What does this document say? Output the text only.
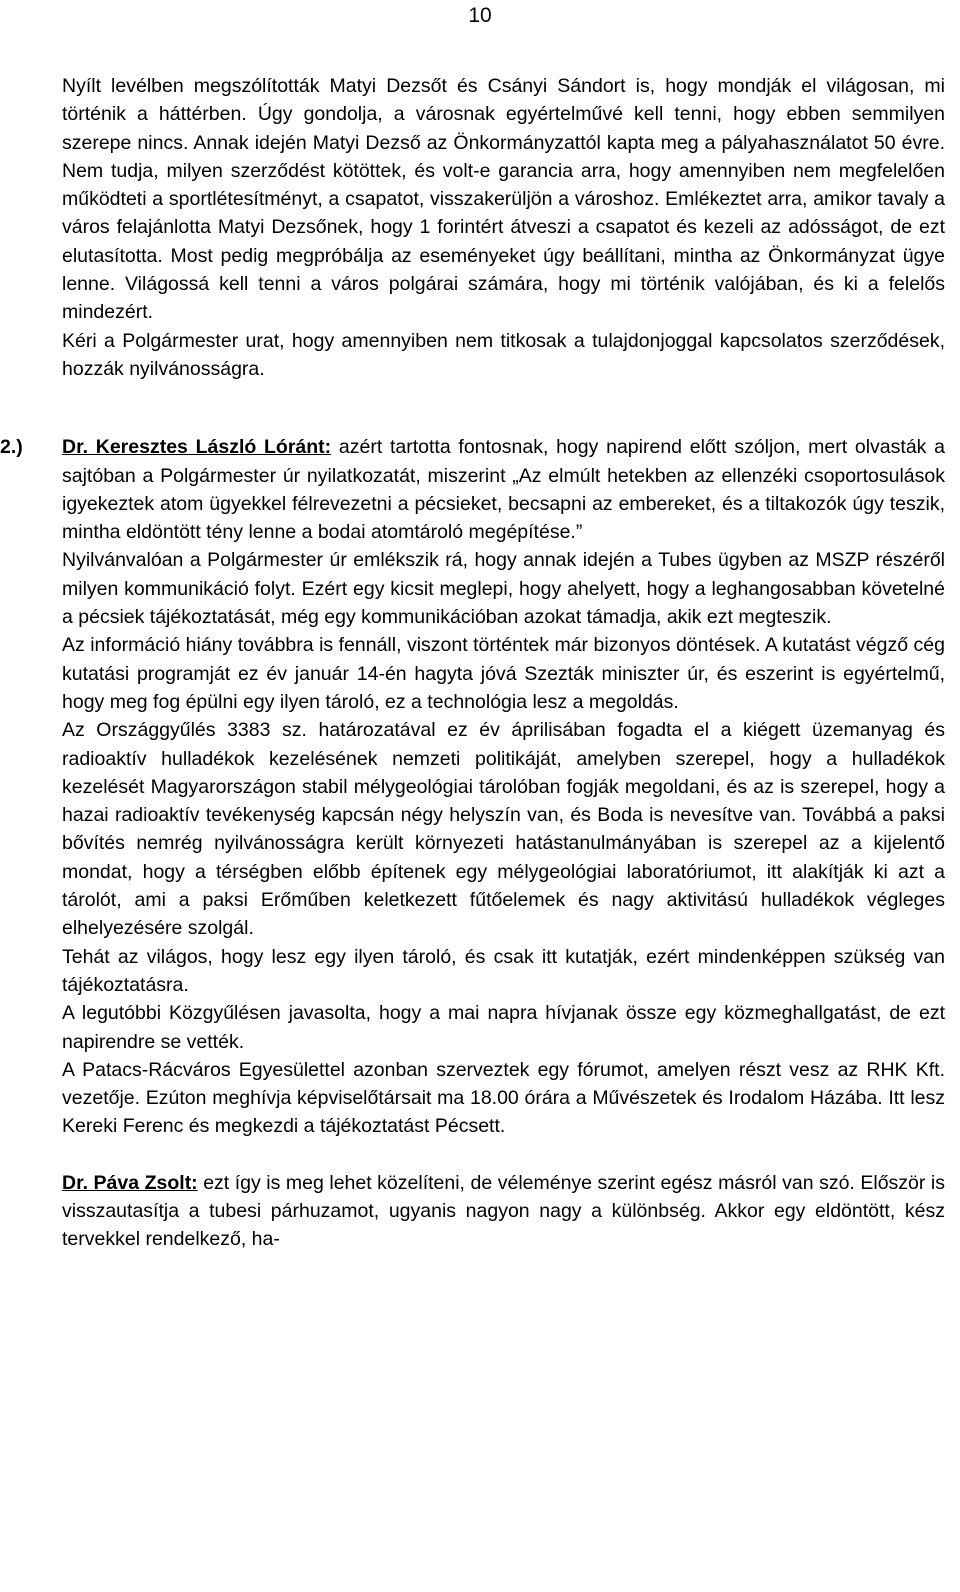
10

Nyílt levélben megszólították Matyi Dezsőt és Csányi Sándort is, hogy mondják el világosan, mi történik a háttérben. Úgy gondolja, a városnak egyértelművé kell tenni, hogy ebben semmilyen szerepe nincs. Annak idején Matyi Dezső az Önkormányzattól kapta meg a pályahasználatot 50 évre. Nem tudja, milyen szerződést kötöttek, és volt-e garancia arra, hogy amennyiben nem megfelelően működteti a sportlétesítményt, a csapatot, visszakerüljön a városhoz. Emlékeztet arra, amikor tavaly a város felajánlotta Matyi Dezsőnek, hogy 1 forintért átveszi a csapatot és kezeli az adósságot, de ezt elutasította. Most pedig megpróbálja az eseményeket úgy beállítani, mintha az Önkormányzat ügye lenne. Világossá kell tenni a város polgárai számára, hogy mi történik valójában, és ki a felelős mindezért.

Kéri a Polgármester urat, hogy amennyiben nem titkosak a tulajdonjoggal kapcsolatos szerződések, hozzák nyilvánosságra.

2.) Dr. Keresztes László Lóránt: azért tartotta fontosnak, hogy napirend előtt szóljon, mert olvasták a sajtóban a Polgármester úr nyilatkozatát, miszerint „Az elmúlt hetekben az ellenzéki csoportosulások igyekeztek atom ügyekkel félrevezetni a pécsieket, becsapni az embereket, és a tiltakozók úgy teszik, mintha eldöntött tény lenne a bodai atomtároló megépítése.”

Nyilvánvalóan a Polgármester úr emlékszik rá, hogy annak idején a Tubes ügyben az MSZP részéről milyen kommunikáció folyt. Ezért egy kicsit meglepi, hogy ahelyett, hogy a leghangosabban követelné a pécsiek tájékoztatását, még egy kommunikációban azokat támadja, akik ezt megteszik.

Az információ hiány továbbra is fennáll, viszont történtek már bizonyos döntések. A kutatást végző cég kutatási programját ez év január 14-én hagyta jóvá Szezták miniszter úr, és eszerint is egyértelmű, hogy meg fog épülni egy ilyen tároló, ez a technológia lesz a megoldás.

Az Országgyűlés 3383 sz. határozatával ez év áprilisában fogadta el a kiégett üzemanyag és radioaktív hulladékok kezelésének nemzeti politikáját, amelyben szerepel, hogy a hulladékok kezelését Magyarországon stabil mélygeológiai tárolóban fogják megoldani, és az is szerepel, hogy a hazai radioaktív tevékenység kapcsán négy helyszín van, és Boda is nevesítve van. Továbbá a paksi bővítés nemrég nyilvánosságra került környezeti hatástanulmányában is szerepel az a kijelentő mondat, hogy a térségben előbb építenek egy mélygeológiai laboratóriumot, itt alakítják ki azt a tárolót, ami a paksi Erőműben keletkezett fűtőelemek és nagy aktivitású hulladékok végleges elhelyezésére szolgál.

Tehát az világos, hogy lesz egy ilyen tároló, és csak itt kutatják, ezért mindenképpen szükség van tájékoztatásra.

A legutóbbi Közgyűlésen javasolta, hogy a mai napra hívjanak össze egy közmeghallgatást, de ezt napirendre se vették.

A Patacs-Rácváros Egyesülettel azonban szerveztek egy fórumot, amelyen részt vesz az RHK Kft. vezetője. Ezúton meghívja képviselőtársait ma 18.00 órára a Művészetek és Irodalom Házába. Itt lesz Kereki Ferenc és megkezdi a tájékoztatást Pécsett.

Dr. Páva Zsolt: ezt így is meg lehet közelíteni, de véleménye szerint egész másról van szó. Először is visszautasítja a tubesi párhuzamot, ugyanis nagyon nagy a különbség. Akkor egy eldöntött, kész tervekkel rendelkező, ha-
